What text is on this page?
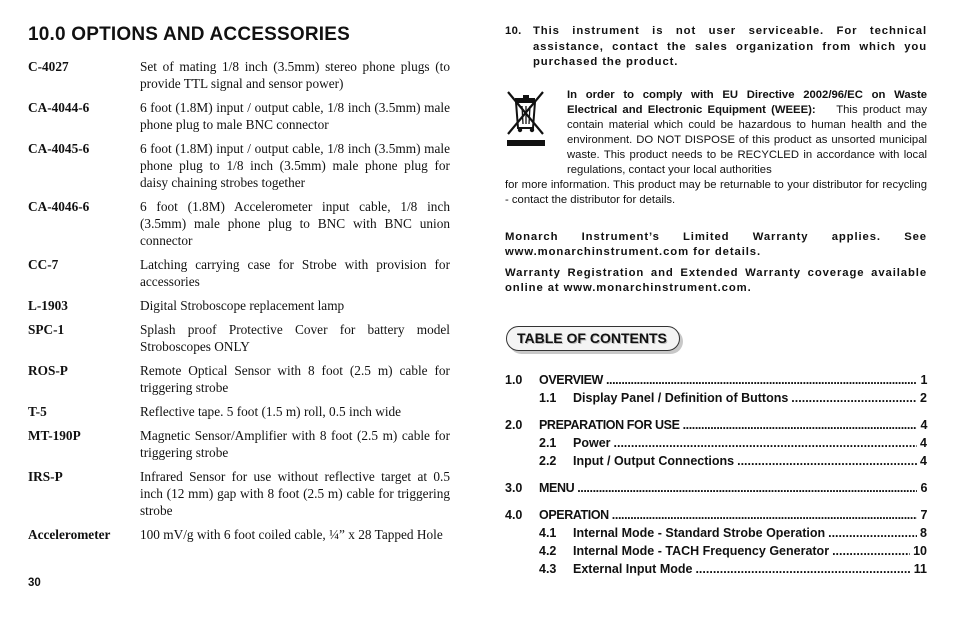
10.0 OPTIONS AND ACCESSORIES
C-4027	Set of mating 1/8 inch (3.5mm) stereo phone plugs (to provide TTL signal and sensor power)
CA-4044-6	6 foot (1.8M) input / output cable, 1/8 inch (3.5mm) male phone plug to male BNC connector
CA-4045-6	6 foot (1.8M) input / output cable, 1/8 inch (3.5mm) male phone plug to 1/8 inch (3.5mm) male phone plug for daisy chaining strobes together
CA-4046-6	6 foot (1.8M) Accelerometer input cable, 1/8 inch (3.5mm) male phone plug to BNC with BNC union connector
CC-7	Latching carrying case for Strobe with provision for accessories
L-1903	Digital Stroboscope replacement lamp
SPC-1	Splash proof Protective Cover for battery model Stroboscopes ONLY
ROS-P	Remote Optical Sensor with 8 foot (2.5 m) cable for triggering strobe
T-5	Reflective tape. 5 foot (1.5 m) roll, 0.5 inch wide
MT-190P	Magnetic Sensor/Amplifier with 8 foot (2.5 m) cable for triggering strobe
IRS-P	Infrared Sensor for use without reflective target at 0.5 inch (12 mm) gap with 8 foot (2.5 m) cable for triggering strobe
Accelerometer	100 mV/g with 6 foot coiled cable, ¼” x 28 Tapped Hole
30
10.	This instrument is not user serviceable. For technical assistance, contact the sales organization from which you purchased the product.
In order to comply with EU Directive 2002/96/EC on Waste Electrical and Electronic Equipment (WEEE): This product may contain material which could be hazardous to human health and the environment. DO NOT DISPOSE of this product as unsorted municipal waste. This product needs to be RECYCLED in accordance with local regulations, contact your local authorities
for more information. This product may be returnable to your distributor for recycling - contact the distributor for details.
Monarch Instrument’s Limited Warranty applies. See www.monarchinstrument.com for details.
Warranty Registration and Extended Warranty coverage available online at www.monarchinstrument.com.
TABLE OF CONTENTS
1.0	OVERVIEW .....	1
1.1	Display Panel / Definition of Buttons .....	2
2.0	PREPARATION FOR USE .....	4
2.1	Power .....	4
2.2	Input / Output Connections .....	4
3.0	MENU .....	6
4.0	OPERATION .....	7
4.1	Internal Mode - Standard Strobe Operation .....	8
4.2	Internal Mode - TACH Frequency Generator .....	10
4.3	External Input Mode .....	11
